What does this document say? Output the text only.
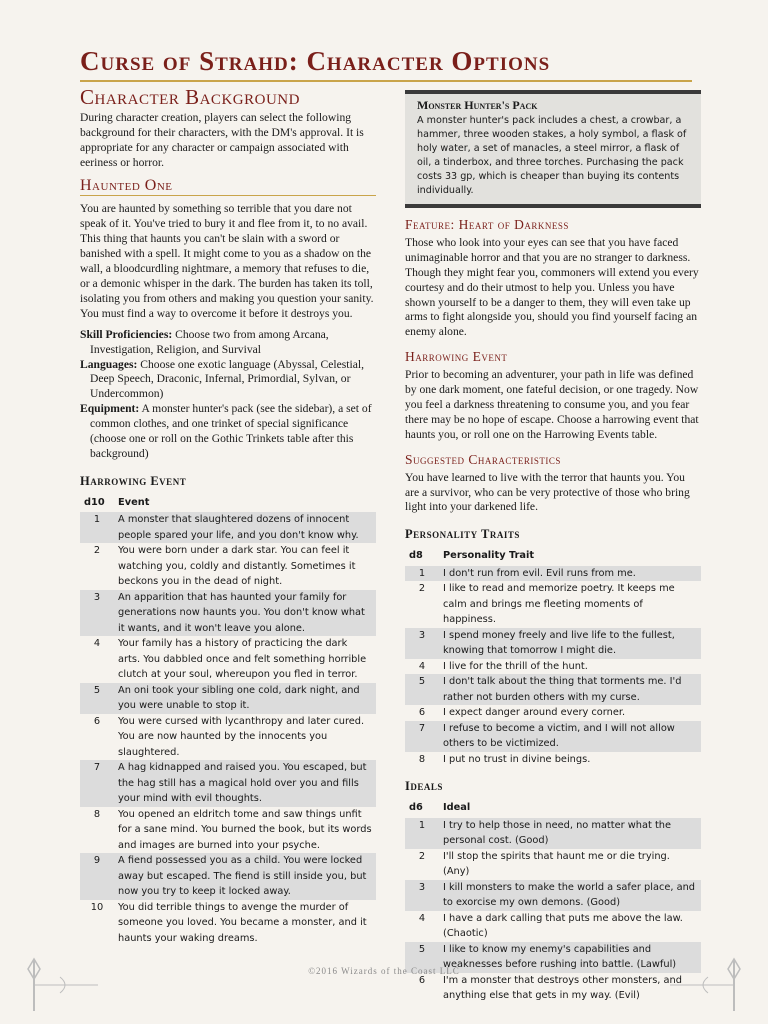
Curse of Strahd: Character Options
Character Background

During character creation, players can select the following background for their characters, with the DM's approval. It is appropriate for any character or campaign associated with eeriness or horror.

Haunted One

You are haunted by something so terrible that you dare not speak of it. You've tried to bury it and flee from it, to no avail. This thing that haunts you can't be slain with a sword or banished with a spell. It might come to you as a shadow on the wall, a bloodcurdling nightmare, a memory that refuses to die, or a demonic whisper in the dark. The burden has taken its toll, isolating you from others and making you question your sanity. You must find a way to overcome it before it destroys you.

Skill Proficiencies: Choose two from among Arcana, Investigation, Religion, and Survival

Languages: Choose one exotic language (Abyssal, Celestial, Deep Speech, Draconic, Infernal, Primordial, Sylvan, or Undercommon)

Equipment: A monster hunter's pack (see the sidebar), a set of common clothes, and one trinket of special significance (choose one or roll on the Gothic Trinkets table after this background)

Harrowing Event
d10	Event
1	A monster that slaughtered dozens of innocent people spared your life, and you don't know why.
2	You were born under a dark star. You can feel it watching you, coldly and distantly. Sometimes it beckons you in the dead of night.
3	An apparition that has haunted your family for generations now haunts you. You don't know what it wants, and it won't leave you alone.
4	Your family has a history of practicing the dark arts. You dabbled once and felt something horrible clutch at your soul, whereupon you fled in terror.
5	An oni took your sibling one cold, dark night, and you were unable to stop it.
6	You were cursed with lycanthropy and later cured. You are now haunted by the innocents you slaughtered.
7	A hag kidnapped and raised you. You escaped, but the hag still has a magical hold over you and fills your mind with evil thoughts.
8	You opened an eldritch tome and saw things unfit for a sane mind. You burned the book, but its words and images are burned into your psyche.
9	A fiend possessed you as a child. You were locked away but escaped. The fiend is still inside you, but now you try to keep it locked away.
10	You did terrible things to avenge the murder of someone you loved. You became a monster, and it haunts your waking dreams.
Monster Hunter's Pack

A monster hunter's pack includes a chest, a crowbar, a hammer, three wooden stakes, a holy symbol, a flask of holy water, a set of manacles, a steel mirror, a flask of oil, a tinderbox, and three torches. Purchasing the pack costs 33 gp, which is cheaper than buying its contents individually.

Feature: Heart of Darkness

Those who look into your eyes can see that you have faced unimaginable horror and that you are no stranger to darkness. Though they might fear you, commoners will extend you every courtesy and do their utmost to help you. Unless you have shown yourself to be a danger to them, they will even take up arms to fight alongside you, should you find yourself facing an enemy alone.

Harrowing Event

Prior to becoming an adventurer, your path in life was defined by one dark moment, one fateful decision, or one tragedy. Now you feel a darkness threatening to consume you, and you fear there may be no hope of escape. Choose a harrowing event that haunts you, or roll one on the Harrowing Events table.

Suggested Characteristics

You have learned to live with the terror that haunts you. You are a survivor, who can be very protective of those who bring light into your darkened life.

Personality Traits
d8	Personality Trait
1	I don't run from evil. Evil runs from me.
2	I like to read and memorize poetry. It keeps me calm and brings me fleeting moments of happiness.
3	I spend money freely and live life to the fullest, knowing that tomorrow I might die.
4	I live for the thrill of the hunt.
5	I don't talk about the thing that torments me. I'd rather not burden others with my curse.
6	I expect danger around every corner.
7	I refuse to become a victim, and I will not allow others to be victimized.
8	I put no trust in divine beings.
Ideals
d6	Ideal
1	I try to help those in need, no matter what the personal cost. (Good)
2	I'll stop the spirits that haunt me or die trying. (Any)
3	I kill monsters to make the world a safer place, and to exorcise my own demons. (Good)
4	I have a dark calling that puts me above the law. (Chaotic)
5	I like to know my enemy's capabilities and weaknesses before rushing into battle. (Lawful)
6	I'm a monster that destroys other monsters, and anything else that gets in my way. (Evil)
©2016 Wizards of the Coast LLC
